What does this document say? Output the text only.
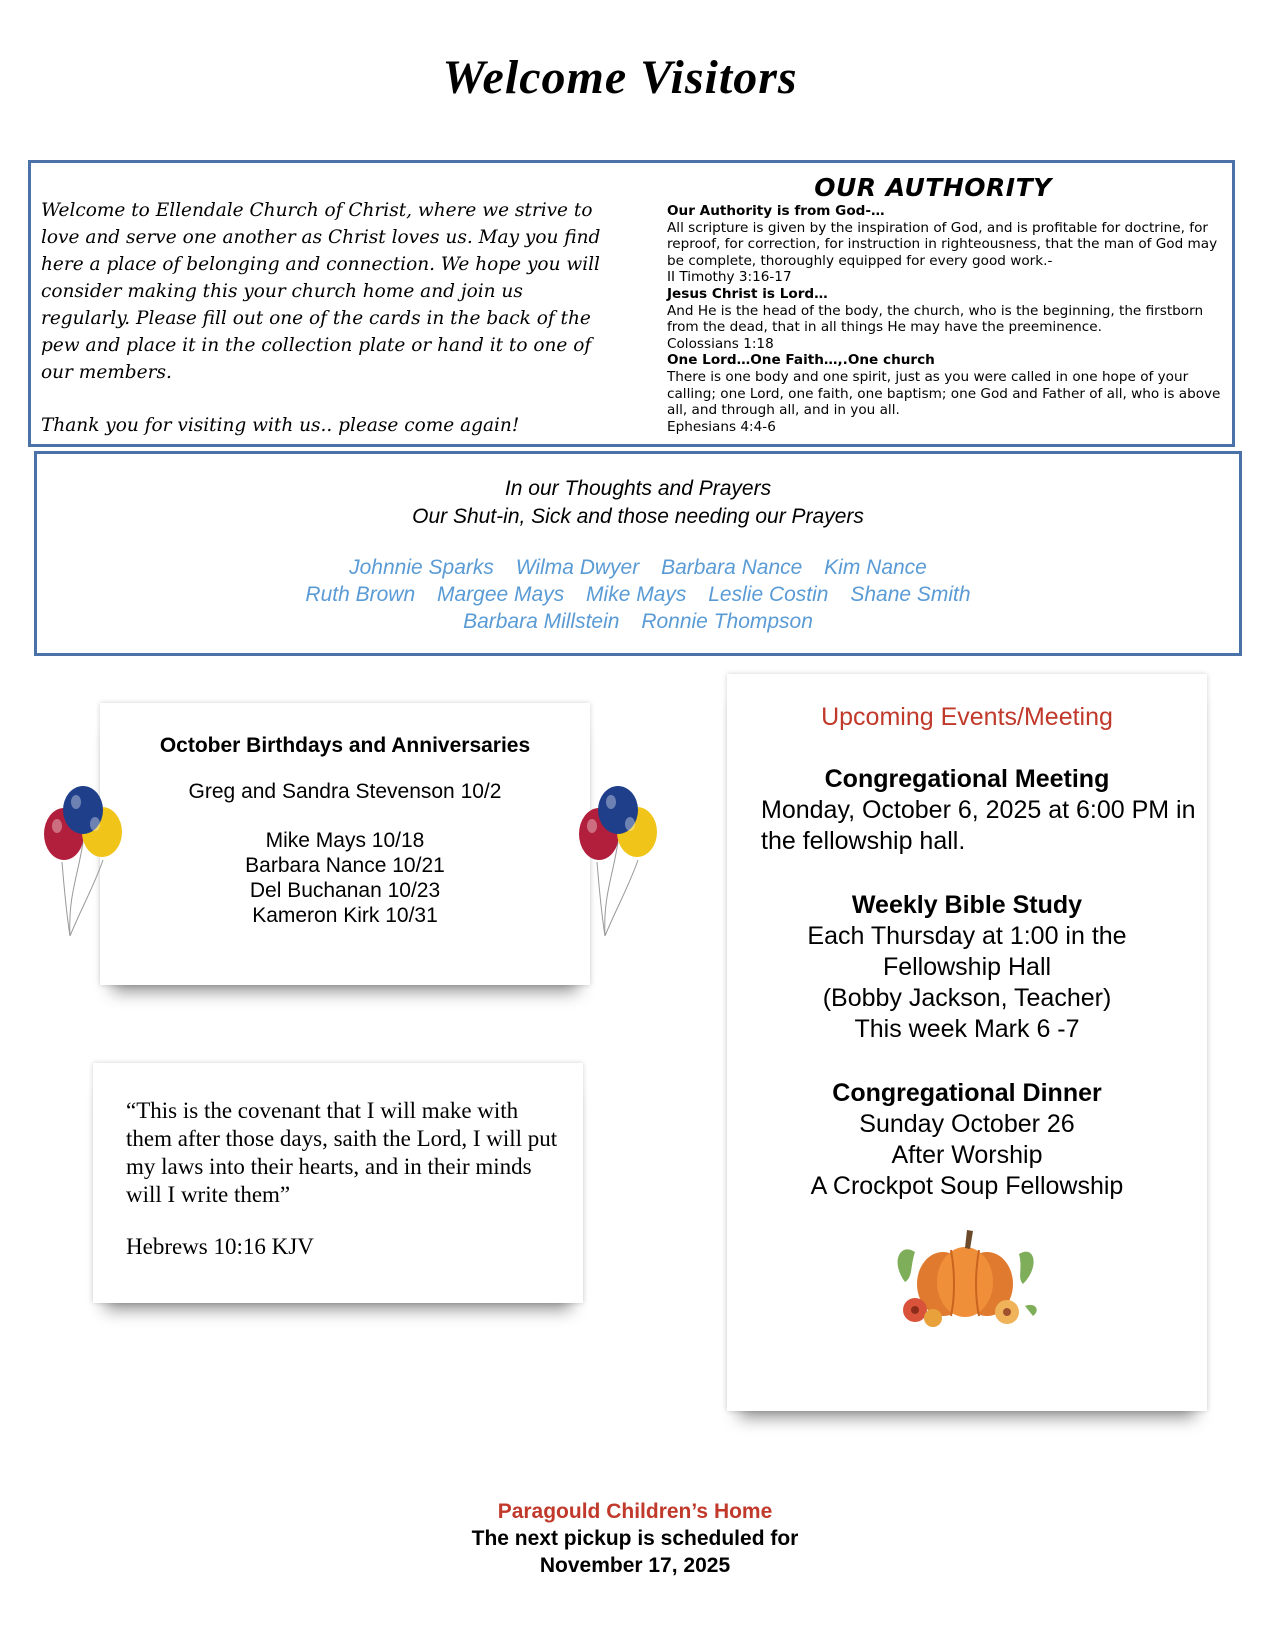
Welcome Visitors

Welcome to Ellendale Church of Christ, where we strive to love and serve one another as Christ loves us. May you find here a place of belonging and connection. We hope you will consider making this your church home and join us regularly. Please fill out one of the cards in the back of the pew and place it in the collection plate or hand it to one of our members.

Thank you for visiting with us.. please come again!

OUR AUTHORITY
Our Authority is from God-…
All scripture is given by the inspiration of God, and is profitable for doctrine, for reproof, for correction, for instruction in righteousness, that the man of God may be complete, thoroughly equipped for every good work.-
II Timothy 3:16-17
Jesus Christ is Lord…
And He is the head of the body, the church, who is the beginning, the firstborn from the dead, that in all things He may have the preeminence.
Colossians 1:18
One Lord…One Faith…,.One church
There is one body and one spirit, just as you were called in one hope of your calling; one Lord, one faith, one baptism; one God and Father of all, who is above all, and through all, and in you all.
Ephesians 4:4-6
In our Thoughts and Prayers
Our Shut-in, Sick and those needing our Prayers
Johnnie Sparks Wilma Dwyer Barbara Nance Kim Nance
Ruth Brown Margee Mays Mike Mays Leslie Costin Shane Smith
Barbara Millstein Ronnie Thompson
October Birthdays and Anniversaries
Greg and Sandra Stevenson 10/2
Mike Mays 10/18
Barbara Nance 10/21
Del Buchanan 10/23
Kameron Kirk 10/31
“This is the covenant that I will make with them after those days, saith the Lord, I will put my laws into their hearts, and in their minds will I write them”
Hebrews 10:16 KJV
Upcoming Events/Meeting
Congregational Meeting
Monday, October 6, 2025 at 6:00 PM in the fellowship hall.
Weekly Bible Study
Each Thursday at 1:00 in the
Fellowship Hall
(Bobby Jackson, Teacher)
This week Mark 6 -7
Congregational Dinner
Sunday October 26
After Worship
A Crockpot Soup Fellowship
Paragould Children’s Home
The next pickup is scheduled for
November 17, 2025
